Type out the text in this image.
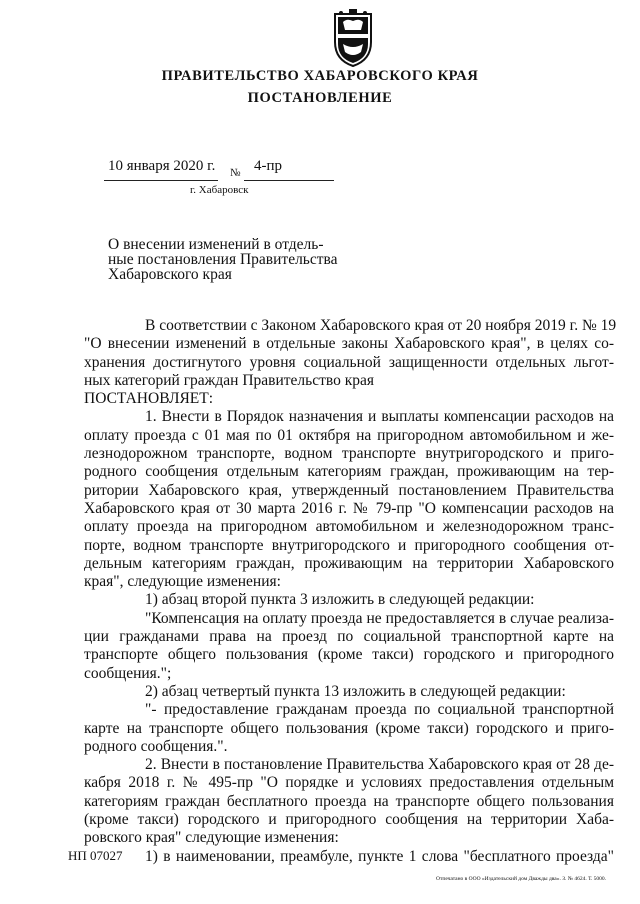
ПРАВИТЕЛЬСТВО ХАБАРОВСКОГО КРАЯ
ПОСТАНОВЛЕНИЕ
10 января 2020 г. № 4-пр
г. Хабаровск
О внесении изменений в отдель-
ные постановления Правительства
Хабаровского края
В соответствии с Законом Хабаровского края от 20 ноября 2019 г. № 19
"О внесении изменений в отдельные законы Хабаровского края", в целях со-
хранения достигнутого уровня социальной защищенности отдельных льгот-
ных категорий граждан Правительство края
ПОСТАНОВЛЯЕТ:
1. Внести в Порядок назначения и выплаты компенсации расходов на
оплату проезда с 01 мая по 01 октября на пригородном автомобильном и же-
лезнодорожном транспорте, водном транспорте внутригородского и приго-
родного сообщения отдельным категориям граждан, проживающим на тер-
ритории Хабаровского края, утвержденный постановлением Правительства
Хабаровского края от 30 марта 2016 г. № 79-пр "О компенсации расходов на
оплату проезда на пригородном автомобильном и железнодорожном транс-
порте, водном транспорте внутригородского и пригородного сообщения от-
дельным категориям граждан, проживающим на территории Хабаровского
края", следующие изменения:
1) абзац второй пункта 3 изложить в следующей редакции:
"Компенсация на оплату проезда не предоставляется в случае реализа-
ции гражданами права на проезд по социальной транспортной карте на
транспорте общего пользования (кроме такси) городского и пригородного
сообщения.";
2) абзац четвертый пункта 13 изложить в следующей редакции:
"- предоставление гражданам проезда по социальной транспортной
карте на транспорте общего пользования (кроме такси) городского и приго-
родного сообщения.".
2. Внести в постановление Правительства Хабаровского края от 28 де-
кабря 2018 г. № 495-пр "О порядке и условиях предоставления отдельным
категориям граждан бесплатного проезда на транспорте общего пользования
(кроме такси) городского и пригородного сообщения на территории Хаба-
ровского края" следующие изменения:
1) в наименовании, преамбуле, пункте 1 слова "бесплатного проезда"
НП 07027
Отпечатано в ООО «Издательский дом Дважды два». З. № 4624. Т. 5000.
